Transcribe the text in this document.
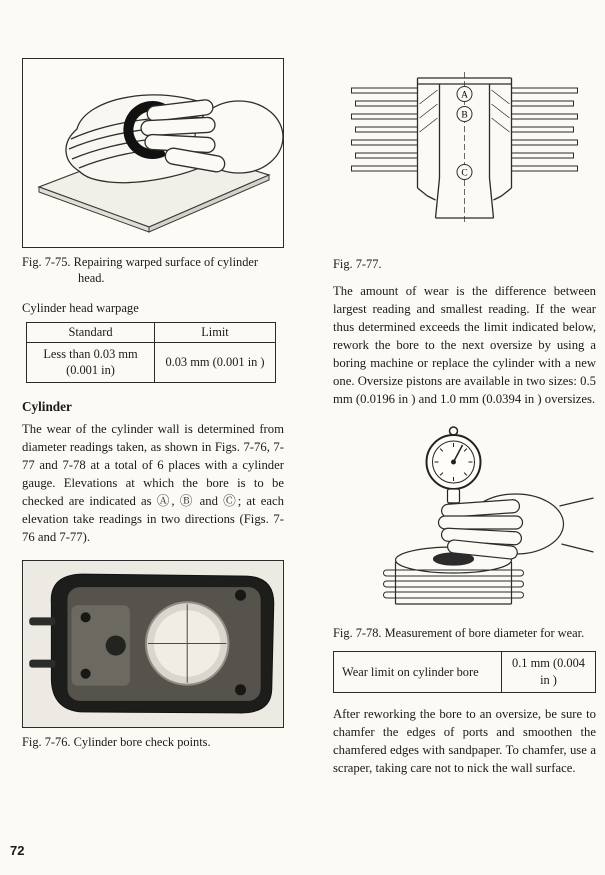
Fig. 7-75. Repairing warped surface of cylinder head.

Cylinder head warpage

Standard	Limit
Less than 0.03 mm (0.001 in)	0.03 mm (0.001 in )
Cylinder

The wear of the cylinder wall is determined from diameter readings taken, as shown in Figs. 7-76, 7-77 and 7-78 at a total of 6 places with a cylinder gauge. Elevations at which the bore is to be checked are indicated as Ⓐ, Ⓑ and Ⓒ; at each elevation take readings in two directions (Figs. 7-76 and 7-77).

Fig. 7-76. Cylinder bore check points.

A
B
C

Fig. 7-77.

The amount of wear is the difference between largest reading and smallest reading. If the wear thus determined exceeds the limit indicated below, rework the bore to the next oversize by using a boring machine or replace the cylinder with a new one. Oversize pistons are available in two sizes: 0.5 mm (0.0196 in ) and 1.0 mm (0.0394 in ) oversizes.

Fig. 7-78. Measurement of bore diameter for wear.

Wear limit on cylinder bore	0.1 mm (0.004 in )

After reworking the bore to an oversize, be sure to chamfer the edges of ports and smoothen the chamfered edges with sandpaper. To chamfer, use a scraper, taking care not to nick the wall surface.

72
